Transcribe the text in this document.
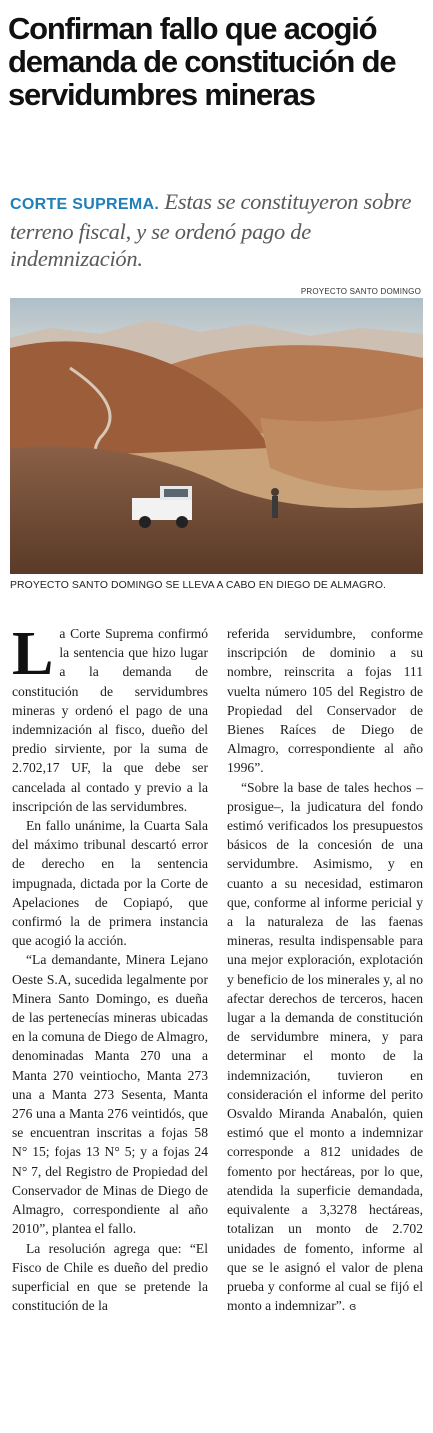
Confirman fallo que acogió demanda de constitución de servidumbres mineras
CORTE SUPREMA. Estas se constituyeron sobre terreno fiscal, y se ordenó pago de indemnización.
PROYECTO SANTO DOMINGO
PROYECTO SANTO DOMINGO SE LLEVA A CABO EN DIEGO DE ALMAGRO.

La Corte Suprema confirmó la sentencia que hizo lugar a la demanda de constitución de servidumbres mineras y ordenó el pago de una indemnización al fisco, dueño del predio sirviente, por la suma de 2.702,17 UF, la que debe ser cancelada al contado y previo a la inscripción de las servidumbres.

En fallo unánime, la Cuarta Sala del máximo tribunal descartó error de derecho en la sentencia impugnada, dictada por la Corte de Apelaciones de Copiapó, que confirmó la de primera instancia que acogió la acción.

“La demandante, Minera Lejano Oeste S.A, sucedida legalmente por Minera Santo Domingo, es dueña de las pertenecías mineras ubicadas en la comuna de Diego de Almagro, denominadas Manta 270 una a Manta 270 veintiocho, Manta 273 una a Manta 273 Sesenta, Manta 276 una a Manta 276 veintidós, que se encuentran inscritas a fojas 58 N° 15; fojas 13 N° 5; y a fojas 24 N° 7, del Registro de Propiedad del Conservador de Minas de Diego de Almagro, correspondiente al año 2010”, plantea el fallo.

La resolución agrega que: “El Fisco de Chile es dueño del predio superficial en que se pretende la constitución de la

referida servidumbre, conforme inscripción de dominio a su nombre, reinscrita a fojas 111 vuelta número 105 del Registro de Propiedad del Conservador de Bienes Raíces de Diego de Almagro, correspondiente al año 1996”.

“Sobre la base de tales hechos –prosigue–, la judicatura del fondo estimó verificados los presupuestos básicos de la concesión de una servidumbre. Asimismo, y en cuanto a su necesidad, estimaron que, conforme al informe pericial y a la naturaleza de las faenas mineras, resulta indispensable para una mejor exploración, explotación y beneficio de los minerales y, al no afectar derechos de terceros, hacen lugar a la demanda de constitución de servidumbre minera, y para determinar el monto de la indemnización, tuvieron en consideración el informe del perito Osvaldo Miranda Anabalón, quien estimó que el monto a indemnizar corresponde a 812 unidades de fomento por hectáreas, por lo que, atendida la superficie demandada, equivalente a 3,3278 hectáreas, totalizan un monto de 2.702 unidades de fomento, informe al que se le asignó el valor de plena prueba y conforme al cual se fijó el monto a indemnizar”. ɞ
